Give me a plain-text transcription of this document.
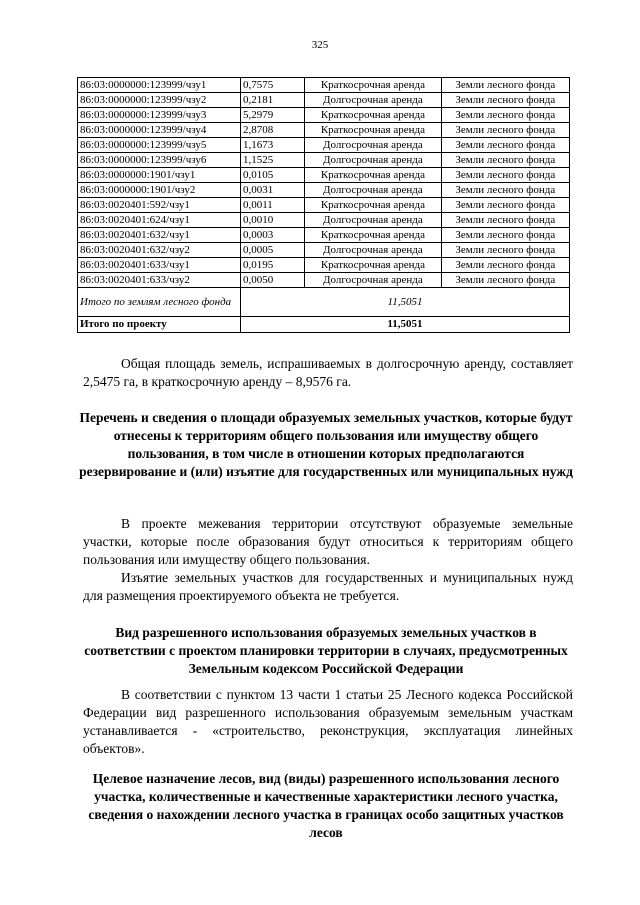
325
86:03:0000000:123999/чзу1	0,7575	Краткосрочная аренда	Земли лесного фонда
86:03:0000000:123999/чзу2	0,2181	Долгосрочная аренда	Земли лесного фонда
86:03:0000000:123999/чзу3	5,2979	Краткосрочная аренда	Земли лесного фонда
86:03:0000000:123999/чзу4	2,8708	Краткосрочная аренда	Земли лесного фонда
86:03:0000000:123999/чзу5	1,1673	Долгосрочная аренда	Земли лесного фонда
86:03:0000000:123999/чзу6	1,1525	Долгосрочная аренда	Земли лесного фонда
86:03:0000000:1901/чзу1	0,0105	Краткосрочная аренда	Земли лесного фонда
86:03:0000000:1901/чзу2	0,0031	Долгосрочная аренда	Земли лесного фонда
86:03:0020401:592/чзу1	0,0011	Краткосрочная аренда	Земли лесного фонда
86:03:0020401:624/чзу1	0,0010	Долгосрочная аренда	Земли лесного фонда
86:03:0020401:632/чзу1	0,0003	Краткосрочная аренда	Земли лесного фонда
86:03:0020401:632/чзу2	0,0005	Долгосрочная аренда	Земли лесного фонда
86:03:0020401:633/чзу1	0,0195	Краткосрочная аренда	Земли лесного фонда
86:03:0020401:633/чзу2	0,0050	Долгосрочная аренда	Земли лесного фонда
Итого по землям лесного фонда	11,5051		
Итого по проекту	11,5051		

Общая площадь земель, испрашиваемых в долгосрочную аренду, составляет 2,5475 га, в краткосрочную аренду – 8,9576 га.

Перечень и сведения о площади образуемых земельных участков, которые будут отнесены к территориям общего пользования или имуществу общего пользования, в том числе в отношении которых предполагаются резервирование и (или) изъятие для государственных или муниципальных нужд

В проекте межевания территории отсутствуют образуемые земельные участки, которые после образования будут относиться к территориям общего пользования или имуществу общего пользования.

Изъятие земельных участков для государственных и муниципальных нужд для размещения проектируемого объекта не требуется.

Вид разрешенного использования образуемых земельных участков в соответствии с проектом планировки территории в случаях, предусмотренных Земельным кодексом Российской Федерации

В соответствии с пунктом 13 части 1 статьи 25 Лесного кодекса Российской Федерации вид разрешенного использования образуемым земельным участкам устанавливается - «строительство, реконструкция, эксплуатация линейных объектов».

Целевое назначение лесов, вид (виды) разрешенного использования лесного участка, количественные и качественные характеристики лесного участка, сведения о нахождении лесного участка в границах особо защитных участков лесов
